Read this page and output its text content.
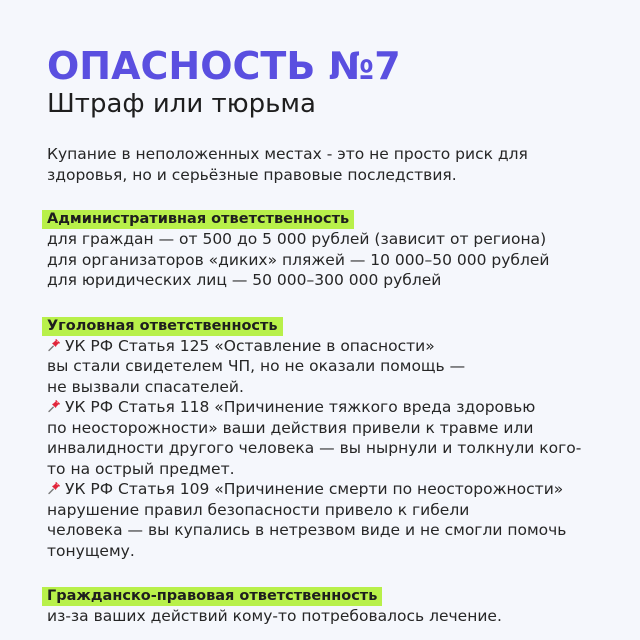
ОПАСНОСТЬ №7
Штраф или тюрьма
Купание в неположенных местах - это не просто риск для
здоровья, но и серьёзные правовые последствия.
Административная ответственность
для граждан — от 500 до 5 000 рублей (зависит от региона)
для организаторов «диких» пляжей — 10 000–50 000 рублей
для юридических лиц — 50 000–300 000 рублей
Уголовная ответственность
УК РФ Статья 125 «Оставление в опасности»
вы стали свидетелем ЧП, но не оказали помощь —
не вызвали спасателей.
УК РФ Статья 118 «Причинение тяжкого вреда здоровью
по неосторожности» ваши действия привели к травме или
инвалидности другого человека — вы нырнули и толкнули кого-
то на острый предмет.
УК РФ Статья 109 «Причинение смерти по неосторожности»
нарушение правил безопасности привело к гибели
человека — вы купались в нетрезвом виде и не смогли помочь
тонущему.
Гражданско-правовая ответственность
из-за ваших действий кому-то потребовалось лечение.
